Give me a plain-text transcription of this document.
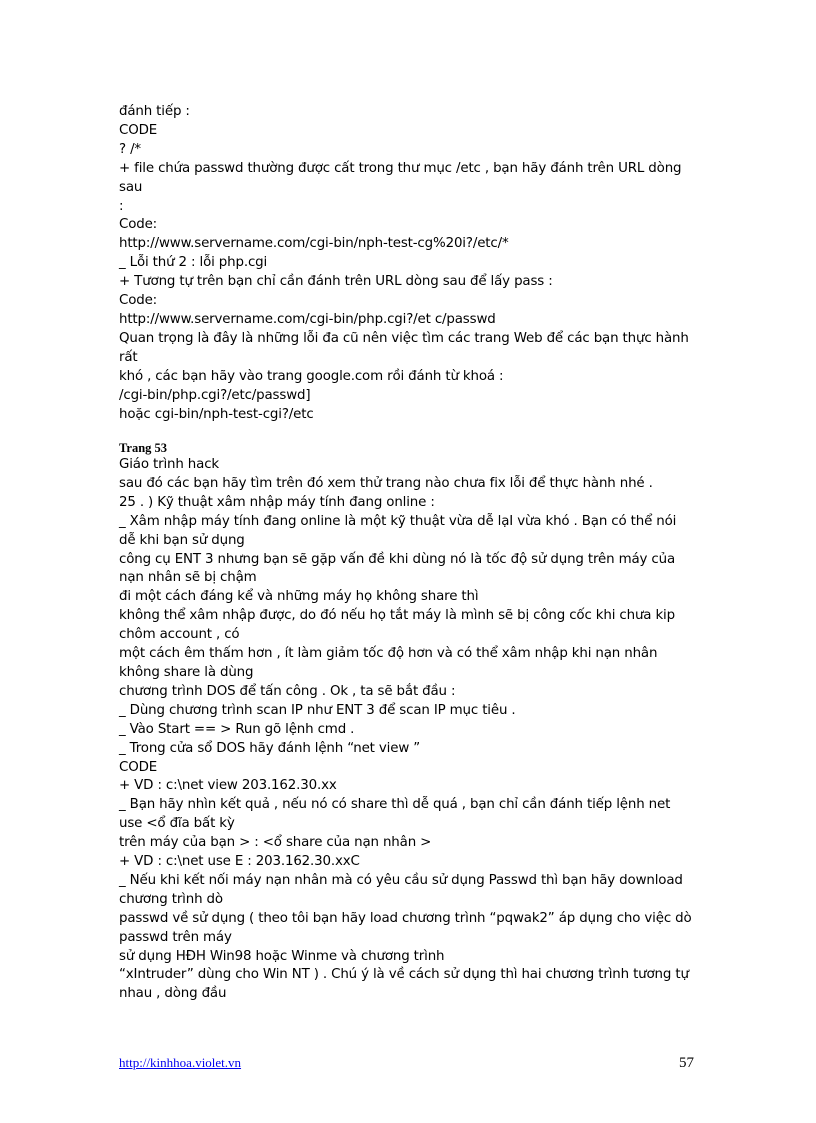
đánh tiếp :
CODE
? /*
+ file chứa passwd thường được cất trong thư mục /etc , bạn hãy đánh trên URL dòng
sau
:
Code:
http://www.servername.com/cgi-bin/nph-test-cg%20i?/etc/*
_ Lỗi thứ 2 : lỗi php.cgi
+ Tương tự trên bạn chỉ cần đánh trên URL dòng sau để lấy pass :
Code:
http://www.servername.com/cgi-bin/php.cgi?/et c/passwd
Quan trọng là đây là những lỗi đa cũ nên việc tìm các trang Web để các bạn thực hành
rất
khó , các bạn hãy vào trang google.com rồi đánh từ khoá :
/cgi-bin/php.cgi?/etc/passwd]
hoặc cgi-bin/nph-test-cgi?/etc
Trang 53
Giáo trình hack
sau đó các bạn hãy tìm trên đó xem thử trang nào chưa fix lỗi để thực hành nhé .
25 . ) Kỹ thuật xâm nhập máy tính đang online :
_ Xâm nhập máy tính đang online là một kỹ thuật vừa dễ lạI vừa khó . Bạn có thể nói
dễ khi bạn sử dụng
công cụ ENT 3 nhưng bạn sẽ gặp vấn đề khi dùng nó là tốc độ sử dụng trên máy của
nạn nhân sẽ bị chậm
đi một cách đáng kể và những máy họ không share thì
không thể xâm nhập được, do đó nếu họ tắt máy là mình sẽ bị công cốc khi chưa kip
chôm account , có
một cách êm thấm hơn , ít làm giảm tốc độ hơn và có thể xâm nhập khi nạn nhân
không share là dùng
chương trình DOS để tấn công . Ok , ta sẽ bắt đầu :
_ Dùng chương trình scan IP như ENT 3 để scan IP mục tiêu .
_ Vào Start == > Run gõ lệnh cmd .
_ Trong cửa sổ DOS hãy đánh lệnh “net view ”
CODE
+ VD : c:\net view 203.162.30.xx
_ Bạn hãy nhìn kết quả , nếu nó có share thì dễ quá , bạn chỉ cần đánh tiếp lệnh net
use <ổ đĩa bất kỳ
trên máy của bạn > : <ổ share của nạn nhân >
+ VD : c:\net use E : 203.162.30.xxC
_ Nếu khi kết nối máy nạn nhân mà có yêu cầu sử dụng Passwd thì bạn hãy download
chương trình dò
passwd về sử dụng ( theo tôi bạn hãy load chương trình “pqwak2” áp dụng cho việc dò
passwd trên máy
sử dụng HĐH Win98 hoặc Winme và chương trình
“xIntruder” dùng cho Win NT ) . Chú ý là về cách sử dụng thì hai chương trình tương tự
nhau , dòng đầu
http://kinhhoa.violet.vn	57
